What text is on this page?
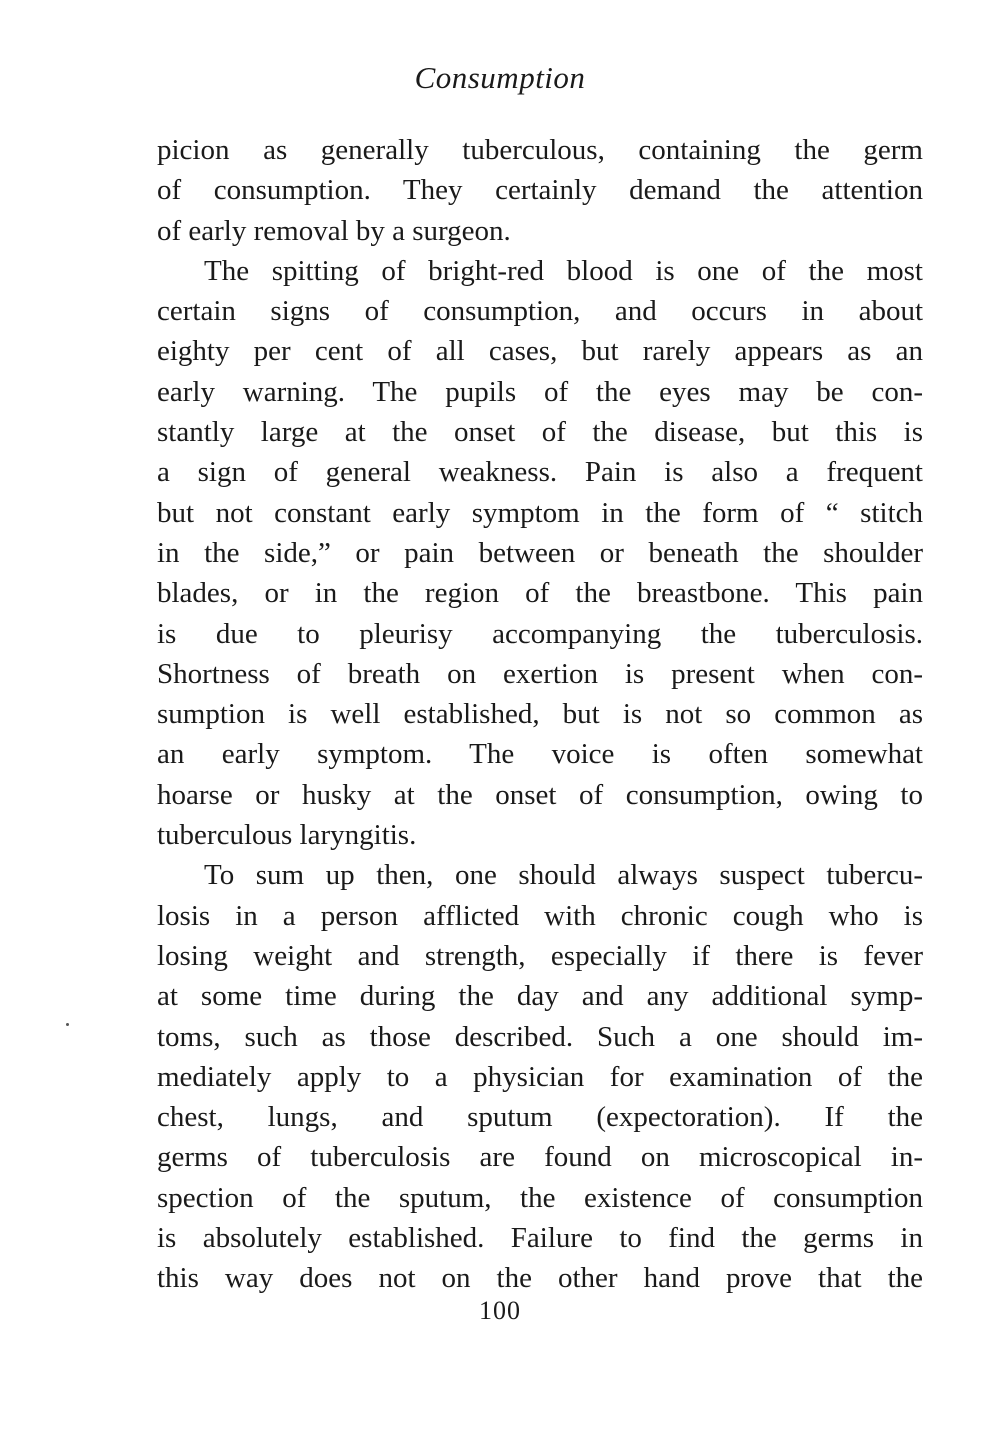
Consumption
picion as generally tuberculous, containing the germ
of consumption. They certainly demand the attention
of early removal by a surgeon.
The spitting of bright-red blood is one of the most
certain signs of consumption, and occurs in about
eighty per cent of all cases, but rarely appears as an
early warning. The pupils of the eyes may be con-
stantly large at the onset of the disease, but this is
a sign of general weakness. Pain is also a frequent
but not constant early symptom in the form of “ stitch
in the side,” or pain between or beneath the shoulder
blades, or in the region of the breastbone. This pain
is due to pleurisy accompanying the tuberculosis.
Shortness of breath on exertion is present when con-
sumption is well established, but is not so common as
an early symptom. The voice is often somewhat
hoarse or husky at the onset of consumption, owing to
tuberculous laryngitis.
To sum up then, one should always suspect tubercu-
losis in a person afflicted with chronic cough who is
losing weight and strength, especially if there is fever
at some time during the day and any additional symp-
toms, such as those described. Such a one should im-
mediately apply to a physician for examination of the
chest, lungs, and sputum (expectoration). If the
germs of tuberculosis are found on microscopical in-
spection of the sputum, the existence of consumption
is absolutely established. Failure to find the germs in
this way does not on the other hand prove that the
100
